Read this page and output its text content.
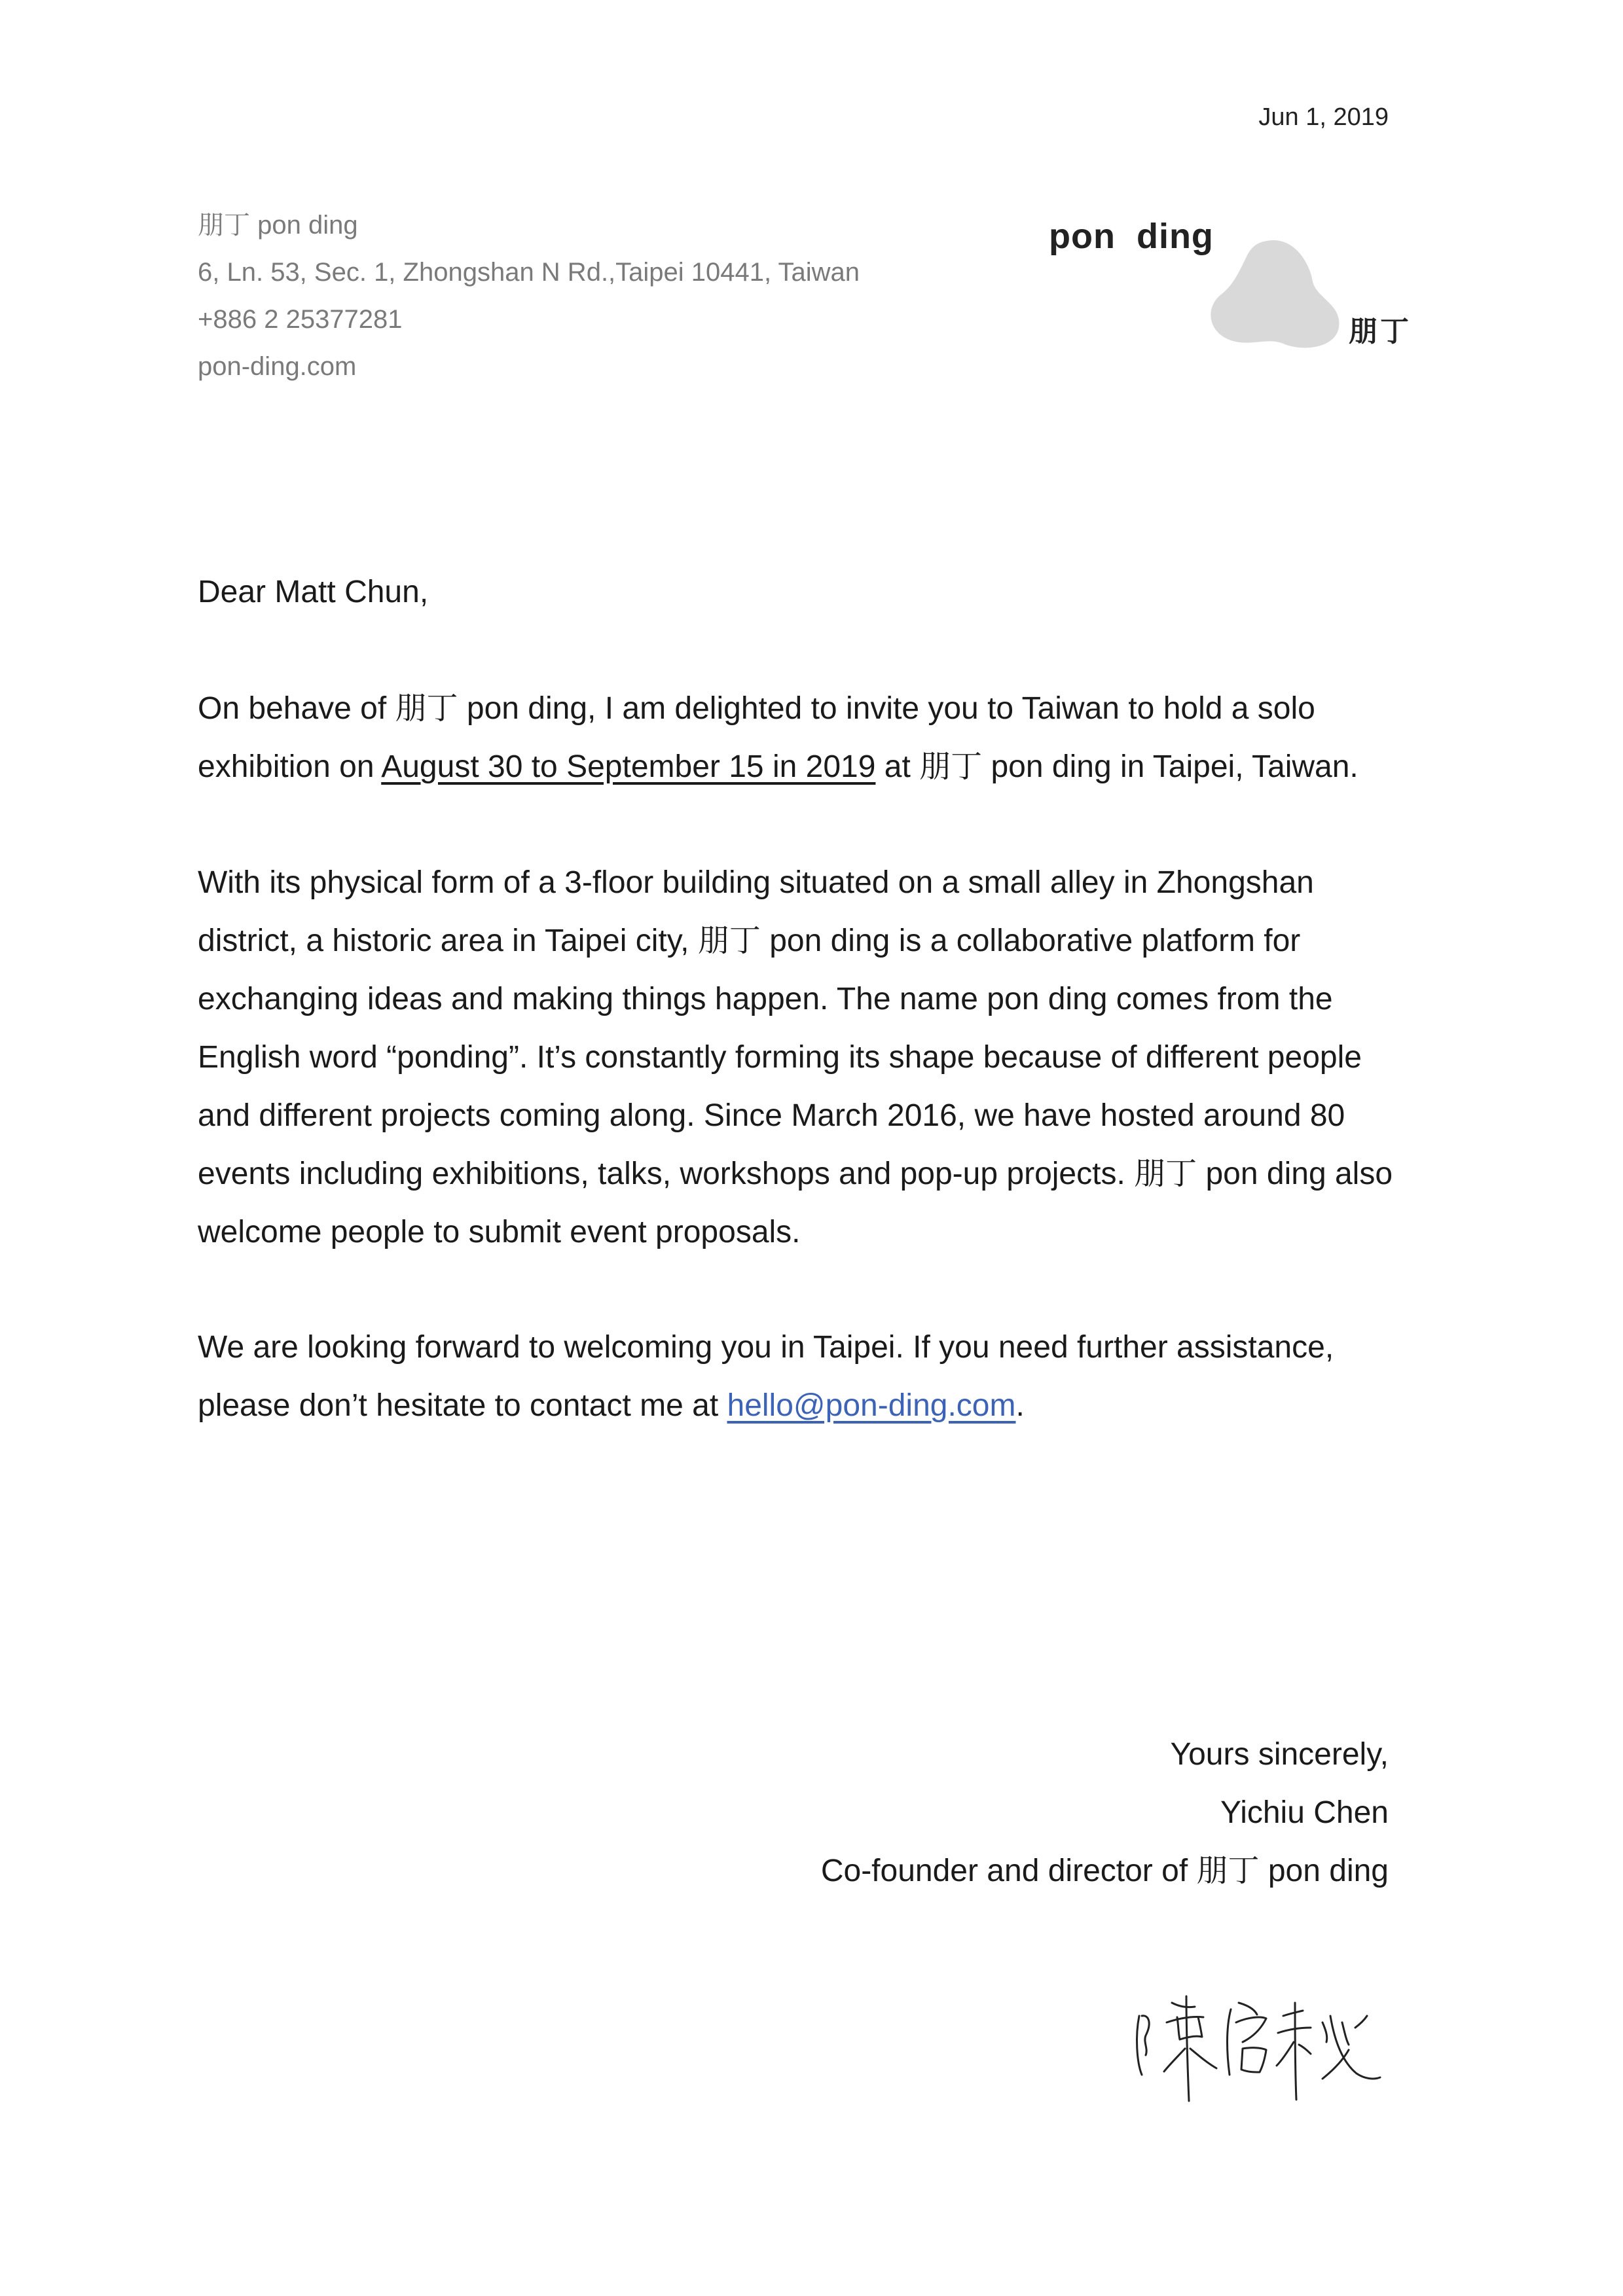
Jun 1, 2019
朋丁 pon ding
6, Ln. 53, Sec. 1, Zhongshan N Rd.,Taipei 10441, Taiwan
+886 2 25377281
pon-ding.com
pon  ding
朋丁
Dear Matt Chun,
On behave of 朋丁 pon ding, I am delighted to invite you to Taiwan to hold a solo exhibition on August 30 to September 15 in 2019 at 朋丁 pon ding in Taipei, Taiwan.
With its physical form of a 3-floor building situated on a small alley in Zhongshan district, a historic area in Taipei city, 朋丁 pon ding is a collaborative platform for exchanging ideas and making things happen. The name pon ding comes from the English word “ponding”. It’s constantly forming its shape because of different people and different projects coming along. Since March 2016, we have hosted around 80 events including exhibitions, talks, workshops and pop-up projects. 朋丁 pon ding also welcome people to submit event proposals.
We are looking forward to welcoming you in Taipei. If you need further assistance, please don’t hesitate to contact me at hello@pon-ding.com.
Yours sincerely,
Yichiu Chen
Co-founder and director of 朋丁 pon ding
